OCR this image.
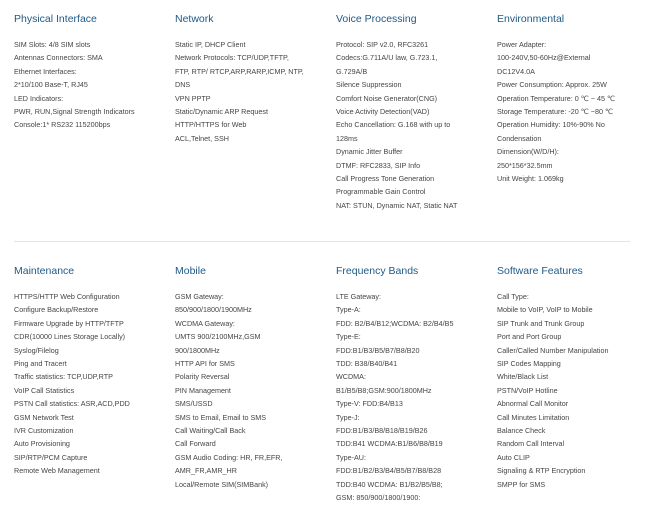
Physical Interface
SIM Slots: 4/8 SIM slots
Antennas Connectors: SMA
Ethernet Interfaces:
2*10/100 Base-T, RJ45
LED Indicators:
PWR, RUN,Signal Strength Indicators
Console:1* RS232 115200bps
Network
Static IP, DHCP Client
Network Protocols: TCP/UDP,TFTP,
FTP, RTP/ RTCP,ARP,RARP,ICMP, NTP,
DNS
VPN PPTP
Static/Dynamic ARP Request
HTTP/HTTPS for Web
ACL,Telnet, SSH
Voice Processing
Protocol: SIP v2.0, RFC3261
Codecs:G.711A/U law, G.723.1,
G.729A/B
Silence Suppression
Comfort Noise Generator(CNG)
Voice Activity Detection(VAD)
Echo Cancellation: G.168 with up to
128ms
Dynamic Jitter Buffer
DTMF: RFC2833, SIP Info
Call Progress Tone Generation
Programmable Gain Control
NAT: STUN, Dynamic NAT, Static NAT
Environmental
Power Adapter:
100-240V,50-60Hz@External
DC12V4.0A
Power Consumption: Approx. 25W
Operation Temperature: 0 ℃ ~ 45 ℃
Storage Temperature: -20 ℃ ~80 ℃
Operation Humidity: 10%-90% No
Condensation
Dimension(W/D/H):
250*156*32.5mm
Unit Weight: 1.069kg
Maintenance
HTTPS/HTTP Web Configuration
Configure Backup/Restore
Firmware Upgrade by HTTP/TFTP
CDR(10000 Lines Storage Locally)
Syslog/Filelog
Ping and Tracert
Traffic statistics: TCP,UDP,RTP
VoIP Call Statistics
PSTN Call statistics: ASR,ACD,PDD
GSM Network Test
IVR Customization
Auto Provisioning
SIP/RTP/PCM Capture
Remote Web Management
Mobile
GSM Gateway:
850/900/1800/1900MHz
WCDMA Gateway:
UMTS 900/2100MHz,GSM
900/1800MHz
HTTP API for SMS
Polarity Reversal
PIN Management
SMS/USSD
SMS to Email, Email to SMS
Call Waiting/Call Back
Call Forward
GSM Audio Coding: HR, FR,EFR,
AMR_FR,AMR_HR
Local/Remote SIM(SIMBank)
Frequency Bands
LTE Gateway:
Type-A:
FDD: B2/B4/B12;WCDMA: B2/B4/B5
Type-E:
FDD:B1/B3/B5/B7/B8/B20
TDD: B38/B40/B41
WCDMA:
B1/B5/B8;GSM:900/1800MHz
Type-V: FDD:B4/B13
Type-J:
FDD:B1/B3/B8/B18/B19/B26
TDD:B41 WCDMA:B1/B6/B8/B19
Type-AU:
FDD:B1/B2/B3/B4/B5/B7/B8/B28
TDD:B40 WCDMA: B1/B2/B5/B8;
GSM: 850/900/1800/1900:
Software Features
Call Type:
Mobile to VoIP, VoIP to Mobile
SIP Trunk and Trunk Group
Port and Port Group
Caller/Called Number Manipulation
SIP Codes Mapping
White/Black List
PSTN/VoIP Hotline
Abnormal Call Monitor
Call Minutes Limitation
Balance Check
Random Call Interval
Auto CLIP
Signaling & RTP Encryption
SMPP for SMS
